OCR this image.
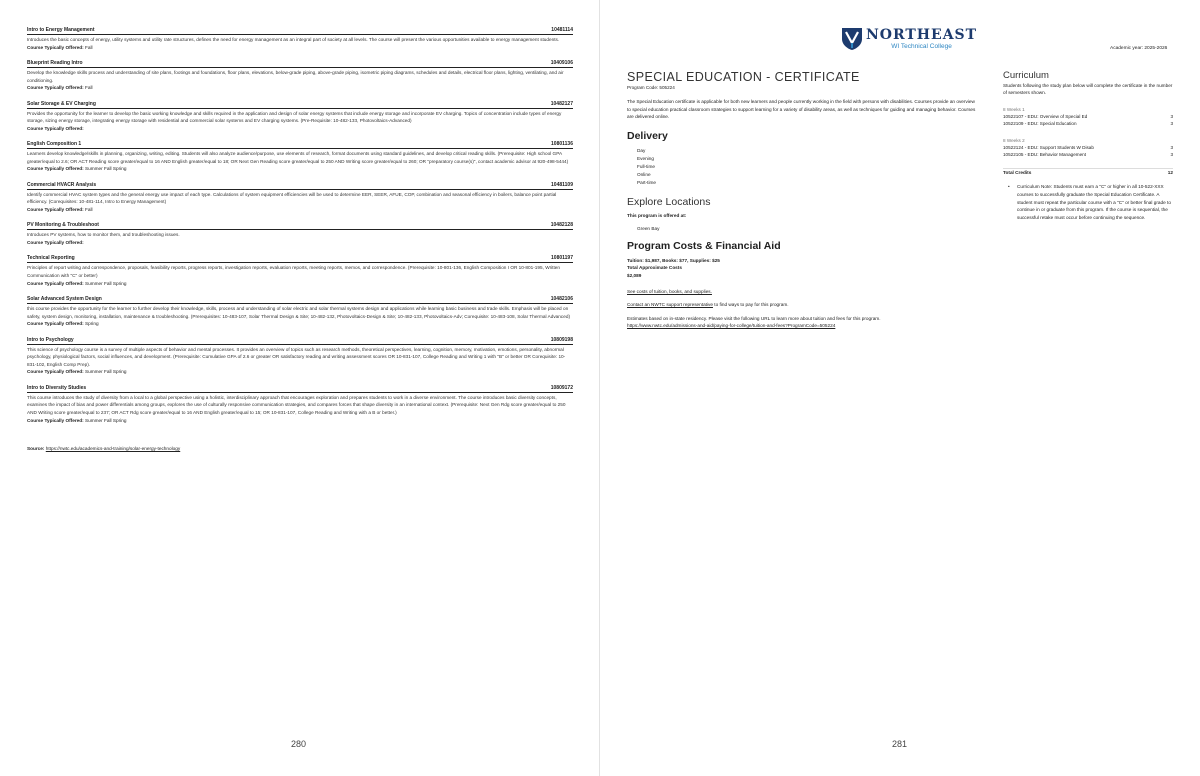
Intro to Energy Management	10481114
Introduces the basic concepts of energy, utility systems and utility rate structures, defines the need for energy management as an integral part of society at all levels. The course will present the various opportunities available to energy management students.
Course Typically Offered: Fall
Blueprint Reading Intro	10409106
Develop the knowledge skills process and understanding of site plans, footings and foundations, floor plans, elevations, below-grade piping, above-grade piping, isometric piping diagrams, schedules and details, electrical floor plans, lighting, ventilating, and air conditioning.
Course Typically Offered: Fall
Solar Storage & EV Charging	10482127
Provides the opportunity for the learner to develop the basic working knowledge and skills required in the application and design of solar energy systems that include energy storage and incorporate EV charging. Topics of concentration include types of energy storage, sizing energy storage, integrating energy storage with residential and commercial solar systems and EV charging systems. (Pre-Requisite: 10-482-133, Photovoltaics-Advanced)
Course Typically Offered:
English Composition 1	10801136
Learners develop knowledge/skills in planning, organizing, writing, editing. Students will also analyze audience/purpose, use elements of research, format documents using standard guidelines, and develop critical reading skills. (Prerequisite: High school GPA greater/equal to 2.6; OR ACT Reading score greater/equal to 16 AND English greater/equal to 18; OR Next Gen Reading score greater/equal to 250 AND Writing score greater/equal to 260; OR "preparatory course(s)", contact academic advisor at 920-498-5444)
Course Typically Offered: Summer Fall Spring
Commercial HVACR Analysis	10481109
Identify commercial HVAC system types and the general energy use impact of each type. Calculations of system equipment efficiencies will be used to determine EER, SEER, AFUE, COP, combination and seasonal efficiency in boilers, balance point partial efficiency. (Corequisites: 10-481-114, Intro to Energy Management)
Course Typically Offered: Fall
PV Monitoring & Troubleshoot	10482128
Introduces PV systems, how to monitor them, and troubleshooting issues.
Course Typically Offered:
Technical Reporting	10801197
Principles of report writing and correspondence, proposals, feasibility reports, progress reports, investigation reports, evaluation reports, meeting reports, memos, and correspondence. (Prerequisite: 10-801-136, English Composition I OR 10-801-195, Written Communication with "C" or better)
Course Typically Offered: Summer Fall Spring
Solar Advanced System Design	10482106
this course provides the opportunity for the learner to further develop their knowledge, skills, process and understanding of solar electric and solar thermal systems design and applications while learning basic business and trade skills. Emphasis will be placed on safety, system design, monitoring, installation, maintenance & troubleshooting. (Prerequisites: 10-483-107, Solar Thermal Design & Site; 10-482-132, Photovoltaics-Design & Site; 10-482-133, Photovoltaics-Adv; Corequisite: 10-483-108, Solar Thermal Advanced)
Course Typically Offered: Spring
Intro to Psychology	10809198
This science of psychology course is a survey of multiple aspects of behavior and mental processes. It provides an overview of topics such as research methods, theoretical perspectives, learning, cognition, memory, motivation, emotions, personality, abnormal psychology, physiological factors, social influences, and development. (Prerequisite: Cumulative GPA of 2.6 or greater OR satisfactory reading and writing assessment scores OR 10-831-107, College Reading and Writing 1 with "B" or better OR Corequisite: 10-831-102, English Comp Prep).
Course Typically Offered: Summer Fall Spring
Intro to Diversity Studies	10809172
This course introduces the study of diversity from a local to a global perspective using a holistic, interdisciplinary approach that encourages exploration and prepares students to work in a diverse environment. The course introduces basic diversity concepts, examines the impact of bias and power differentials among groups, explores the use of culturally responsive communication strategies, and compares forces that shape diversity in an international context. (Prerequisite: Next Gen Rdg score greater/equal to 250 AND Writing score greater/equal to 237; OR ACT Rdg score greater/equal to 16 AND English greater/equal to 15; OR 10-831-107, College Reading and Writing with a B or better.)
Course Typically Offered: Summer Fall Spring
Source: https://nwtc.edu/academics-and-training/solar-energy-technology
NORTHEAST
WI Technical College	Academic year: 2025-2026
SPECIAL EDUCATION - CERTIFICATE
Program Code: 505224
The Special Education certificate is applicable for both new learners and people currently working in the field with persons with disabilities. Courses provide an overview to special education practical classroom strategies to support learning for a variety of disability areas, as well as techniques for guiding and managing behavior. Courses are delivered online.
Delivery
Day
Evening
Full-time
Online
Part-time
Explore Locations
This program is offered at:
Green Bay
Program Costs & Financial Aid
Tuition: $1,987, Books: $77, Supplies: $25
Total Approximate Costs
$2,089
See costs of tuition, books, and supplies.
Contact an NWTC support representative to find ways to pay for this program.
Estimates based on in-state residency. Please visit the following URL to learn more about tuition and fees for this program.
https://www.nwtc.edu/admissions-and-aid/paying-for-college/tuition-and-fees?ProgramCode=505224
Curriculum
Students following the study plan below will complete the certificate in the number of semesters shown.
8 Weeks 1
10522107 - EDU: Overview of Special Ed	3
10522109 - EDU: Special Education	3
8 Weeks 2
10522124 - EDU: Support Students W Disab	3
10522105 - EDU: Behavior Management	3
Total Credits	12
• Curriculum Note: Students must earn a "C" or higher in all 10-522-XXX courses to successfully graduate the Special Education Certificate. A student must repeat the particular course with a "C" or better final grade to continue in or graduate from this program. If the course is sequential, the successful retake must occur before continuing the sequence.
280	281
